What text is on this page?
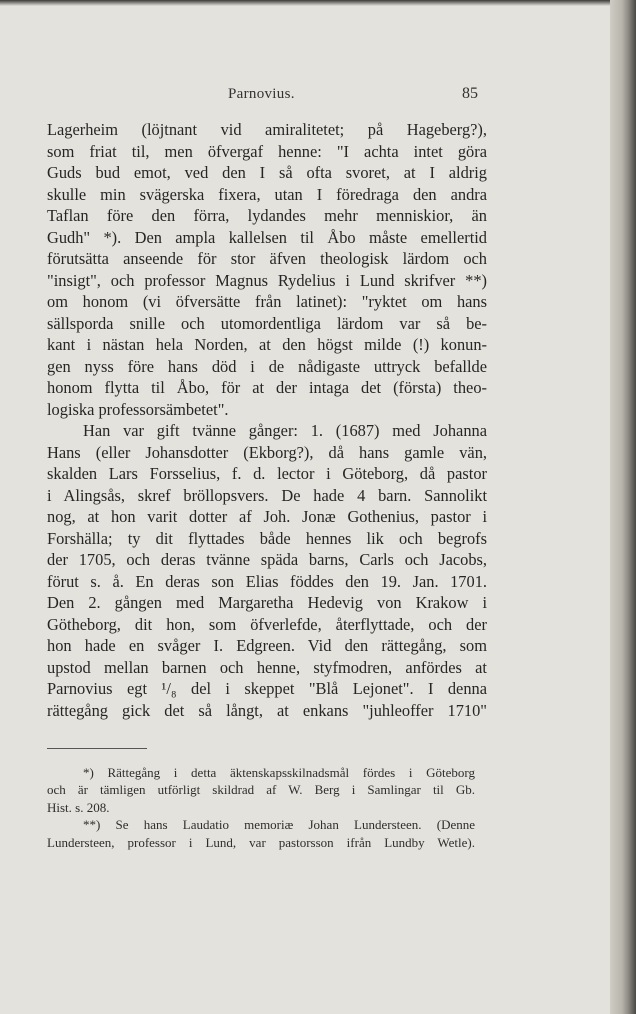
Parnovius.	85
Lagerheim (löjtnant vid amiralitetet; på Hageberg?),
som friat til, men öfvergaf henne: "I achta intet göra
Guds bud emot, ved den I så ofta svoret, at I aldrig
skulle min svägerska fixera, utan I föredraga den andra
Taflan före den förra, lydandes mehr menniskior, än
Gudh" *). Den ampla kallelsen til Åbo måste emellertid
förutsätta anseende för stor äfven theologisk lärdom och
"insigt", och professor Magnus Rydelius i Lund skrifver **)
om honom (vi öfversätte från latinet): "ryktet om hans
sällsporda snille och utomordentliga lärdom var så be-
kant i nästan hela Norden, at den högst milde (!) konun-
gen nyss före hans död i de nådigaste uttryck befallde
honom flytta til Åbo, för at der intaga det (första) theo-
logiska professorsämbetet".
Han var gift tvänne gånger: 1. (1687) med Johanna
Hans (eller Johansdotter (Ekborg?), då hans gamle vän,
skalden Lars Forsselius, f. d. lector i Göteborg, då pastor
i Alingsås, skref bröllopsvers. De hade 4 barn. Sannolikt
nog, at hon varit dotter af Joh. Jonæ Gothenius, pastor i
Forshälla; ty dit flyttades både hennes lik och begrofs
der 1705, och deras tvänne späda barns, Carls och Jacobs,
förut s. å. En deras son Elias föddes den 19. Jan. 1701.
Den 2. gången med Margaretha Hedevig von Krakow i
Götheborg, dit hon, som öfverlefde, återflyttade, och der
hon hade en svåger I. Edgreen. Vid den rättegång, som
upstod mellan barnen och henne, styfmodren, anfördes at
Parnovius egt ¹/₈ del i skeppet "Blå Lejonet". I denna
rättegång gick det så långt, at enkans "juhleoffer 1710"
*) Rättegång i detta äktenskapsskilnadsmål fördes i Göteborg
och är tämligen utförligt skildrad af W. Berg i Samlingar til Gb.
Hist. s. 208.
**) Se hans Laudatio memoriæ Johan Lundersteen. (Denne
Lundersteen, professor i Lund, var pastorsson ifrån Lundby Wetle).
